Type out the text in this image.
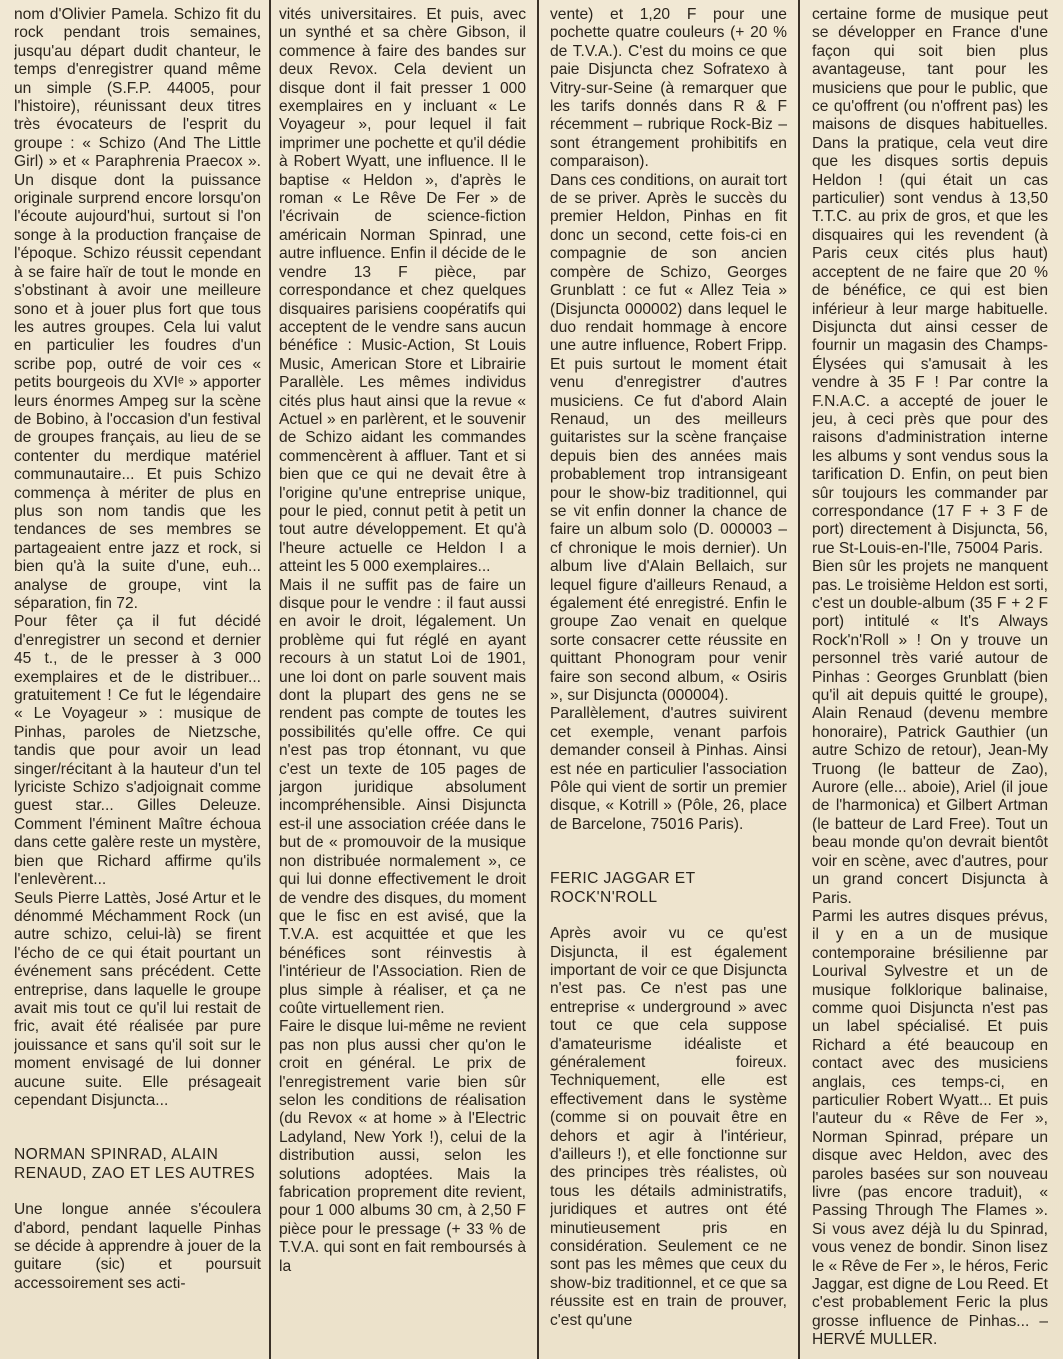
nom d'Olivier Pamela. Schizo fit du rock pendant trois semaines, jusqu'au départ dudit chanteur, le temps d'enregistrer quand même un simple (S.F.P. 44005, pour l'histoire), réunissant deux titres très évocateurs de l'esprit du groupe : « Schizo (And The Little Girl) » et « Paraphrenia Praecox ». Un disque dont la puissance originale surprend encore lorsqu'on l'écoute aujourd'hui, surtout si l'on songe à la production française de l'époque. Schizo réussit cependant à se faire haïr de tout le monde en s'obstinant à avoir une meilleure sono et à jouer plus fort que tous les autres groupes. Cela lui valut en particulier les foudres d'un scribe pop, outré de voir ces « petits bourgeois du XVIᵉ » apporter leurs énormes Ampeg sur la scène de Bobino, à l'occasion d'un festival de groupes français, au lieu de se contenter du merdique matériel communautaire... Et puis Schizo commença à mériter de plus en plus son nom tandis que les tendances de ses membres se partageaient entre jazz et rock, si bien qu'à la suite d'une, euh... analyse de groupe, vint la séparation, fin 72.

Pour fêter ça il fut décidé d'enregistrer un second et dernier 45 t., de le presser à 3 000 exemplaires et de le distribuer... gratuitement ! Ce fut le légendaire « Le Voyageur » : musique de Pinhas, paroles de Nietzsche, tandis que pour avoir un lead singer/récitant à la hauteur d'un tel lyriciste Schizo s'adjoignait comme guest star... Gilles Deleuze. Comment l'éminent Maître échoua dans cette galère reste un mystère, bien que Richard affirme qu'ils l'enlevèrent...

Seuls Pierre Lattès, José Artur et le dénommé Méchamment Rock (un autre schizo, celui-là) se firent l'écho de ce qui était pourtant un événement sans précédent. Cette entreprise, dans laquelle le groupe avait mis tout ce qu'il lui restait de fric, avait été réalisée par pure jouissance et sans qu'il soit sur le moment envisagé de lui donner aucune suite. Elle présageait cependant Disjuncta...

NORMAN SPINRAD, ALAIN RENAUD, ZAO ET LES AUTRES

Une longue année s'écoulera d'abord, pendant laquelle Pinhas se décide à apprendre à jouer de la guitare (sic) et poursuit accessoirement ses acti-

vités universitaires. Et puis, avec un synthé et sa chère Gibson, il commence à faire des bandes sur deux Revox. Cela devient un disque dont il fait presser 1 000 exemplaires en y incluant « Le Voyageur », pour lequel il fait imprimer une pochette et qu'il dédie à Robert Wyatt, une influence. Il le baptise « Heldon », d'après le roman « Le Rêve De Fer » de l'écrivain de science-fiction américain Norman Spinrad, une autre influence. Enfin il décide de le vendre 13 F pièce, par correspondance et chez quelques disquaires parisiens coopératifs qui acceptent de le vendre sans aucun bénéfice : Music-Action, St Louis Music, American Store et Librairie Parallèle. Les mêmes individus cités plus haut ainsi que la revue « Actuel » en parlèrent, et le souvenir de Schizo aidant les commandes commencèrent à affluer. Tant et si bien que ce qui ne devait être à l'origine qu'une entreprise unique, pour le pied, connut petit à petit un tout autre développement. Et qu'à l'heure actuelle ce Heldon I a atteint les 5 000 exemplaires...

Mais il ne suffit pas de faire un disque pour le vendre : il faut aussi en avoir le droit, légalement. Un problème qui fut réglé en ayant recours à un statut Loi de 1901, une loi dont on parle souvent mais dont la plupart des gens ne se rendent pas compte de toutes les possibilités qu'elle offre. Ce qui n'est pas trop étonnant, vu que c'est un texte de 105 pages de jargon juridique absolument incompréhensible. Ainsi Disjuncta est-il une association créée dans le but de « promouvoir de la musique non distribuée normalement », ce qui lui donne effectivement le droit de vendre des disques, du moment que le fisc en est avisé, que la T.V.A. est acquittée et que les bénéfices sont réinvestis à l'intérieur de l'Association. Rien de plus simple à réaliser, et ça ne coûte virtuellement rien.

Faire le disque lui-même ne revient pas non plus aussi cher qu'on le croit en général. Le prix de l'enregistrement varie bien sûr selon les conditions de réalisation (du Revox « at home » à l'Electric Ladyland, New York !), celui de la distribution aussi, selon les solutions adoptées. Mais la fabrication proprement dite revient, pour 1 000 albums 30 cm, à 2,50 F pièce pour le pressage (+ 33 % de T.V.A. qui sont en fait remboursés à la

vente) et 1,20 F pour une pochette quatre couleurs (+ 20 % de T.V.A.). C'est du moins ce que paie Disjuncta chez Sofratexo à Vitry-sur-Seine (à remarquer que les tarifs donnés dans R & F récemment – rubrique Rock-Biz – sont étrangement prohibitifs en comparaison).

Dans ces conditions, on aurait tort de se priver. Après le succès du premier Heldon, Pinhas en fit donc un second, cette fois-ci en compagnie de son ancien compère de Schizo, Georges Grunblatt : ce fut « Allez Teia » (Disjuncta 000002) dans lequel le duo rendait hommage à encore une autre influence, Robert Fripp. Et puis surtout le moment était venu d'enregistrer d'autres musiciens. Ce fut d'abord Alain Renaud, un des meilleurs guitaristes sur la scène française depuis bien des années mais probablement trop intransigeant pour le show-biz traditionnel, qui se vit enfin donner la chance de faire un album solo (D. 000003 – cf chronique le mois dernier). Un album live d'Alain Bellaich, sur lequel figure d'ailleurs Renaud, a également été enregistré. Enfin le groupe Zao venait en quelque sorte consacrer cette réussite en quittant Phonogram pour venir faire son second album, « Osiris », sur Disjuncta (000004).

Parallèlement, d'autres suivirent cet exemple, venant parfois demander conseil à Pinhas. Ainsi est née en particulier l'association Pôle qui vient de sortir un premier disque, « Kotrill » (Pôle, 26, place de Barcelone, 75016 Paris).

FERIC JAGGAR ET ROCK'N'ROLL

Après avoir vu ce qu'est Disjuncta, il est également important de voir ce que Disjuncta n'est pas. Ce n'est pas une entreprise « underground » avec tout ce que cela suppose d'amateurisme idéaliste et généralement foireux. Techniquement, elle est effectivement dans le système (comme si on pouvait être en dehors et agir à l'intérieur, d'ailleurs !), et elle fonctionne sur des principes très réalistes, où tous les détails administratifs, juridiques et autres ont été minutieusement pris en considération. Seulement ce ne sont pas les mêmes que ceux du show-biz traditionnel, et ce que sa réussite est en train de prouver, c'est qu'une

certaine forme de musique peut se développer en France d'une façon qui soit bien plus avantageuse, tant pour les musiciens que pour le public, que ce qu'offrent (ou n'offrent pas) les maisons de disques habituelles. Dans la pratique, cela veut dire que les disques sortis depuis Heldon ! (qui était un cas particulier) sont vendus à 13,50 T.T.C. au prix de gros, et que les disquaires qui les revendent (à Paris ceux cités plus haut) acceptent de ne faire que 20 % de bénéfice, ce qui est bien inférieur à leur marge habituelle. Disjuncta dut ainsi cesser de fournir un magasin des Champs-Élysées qui s'amusait à les vendre à 35 F ! Par contre la F.N.A.C. a accepté de jouer le jeu, à ceci près que pour des raisons d'administration interne les albums y sont vendus sous la tarification D. Enfin, on peut bien sûr toujours les commander par correspondance (17 F + 3 F de port) directement à Disjuncta, 56, rue St-Louis-en-l'Ile, 75004 Paris.

Bien sûr les projets ne manquent pas. Le troisième Heldon est sorti, c'est un double-album (35 F + 2 F port) intitulé « It's Always Rock'n'Roll » ! On y trouve un personnel très varié autour de Pinhas : Georges Grunblatt (bien qu'il ait depuis quitté le groupe), Alain Renaud (devenu membre honoraire), Patrick Gauthier (un autre Schizo de retour), Jean-My Truong (le batteur de Zao), Aurore (elle... aboie), Ariel (il joue de l'harmonica) et Gilbert Artman (le batteur de Lard Free). Tout un beau monde qu'on devrait bientôt voir en scène, avec d'autres, pour un grand concert Disjuncta à Paris.

Parmi les autres disques prévus, il y en a un de musique contemporaine brésilienne par Lourival Sylvestre et un de musique folklorique balinaise, comme quoi Disjuncta n'est pas un label spécialisé. Et puis Richard a été beaucoup en contact avec des musiciens anglais, ces temps-ci, en particulier Robert Wyatt... Et puis l'auteur du « Rêve de Fer », Norman Spinrad, prépare un disque avec Heldon, avec des paroles basées sur son nouveau livre (pas encore traduit), « Passing Through The Flames ». Si vous avez déjà lu du Spinrad, vous venez de bondir. Sinon lisez le « Rêve de Fer », le héros, Feric Jaggar, est digne de Lou Reed. Et c'est probablement Feric la plus grosse influence de Pinhas... – HERVÉ MULLER.
